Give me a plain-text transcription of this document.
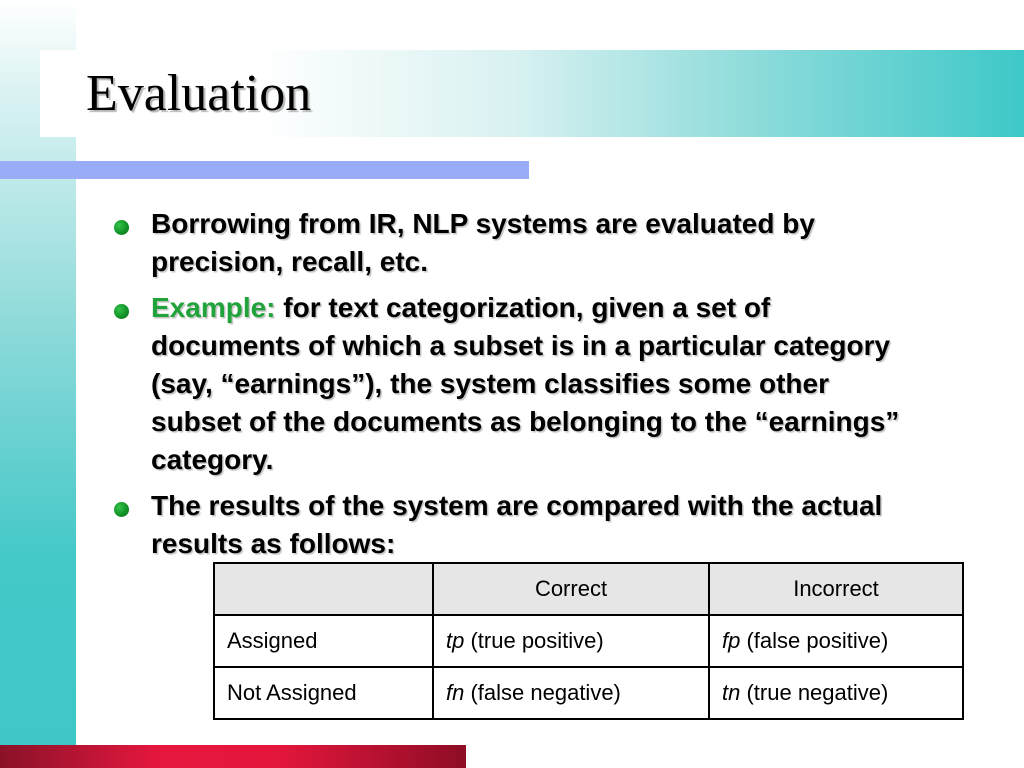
Evaluation
Borrowing from IR, NLP systems are evaluated by precision, recall, etc.
Example: for text categorization, given a set of documents of which a subset is in a particular category (say, “earnings”), the system classifies some other subset of the documents as belonging to the “earnings” category.
The results of the system are compared with the actual results as follows:
	Correct	Incorrect
Assigned	tp (true positive)	fp (false positive)
Not Assigned	fn (false negative)	tn (true negative)
